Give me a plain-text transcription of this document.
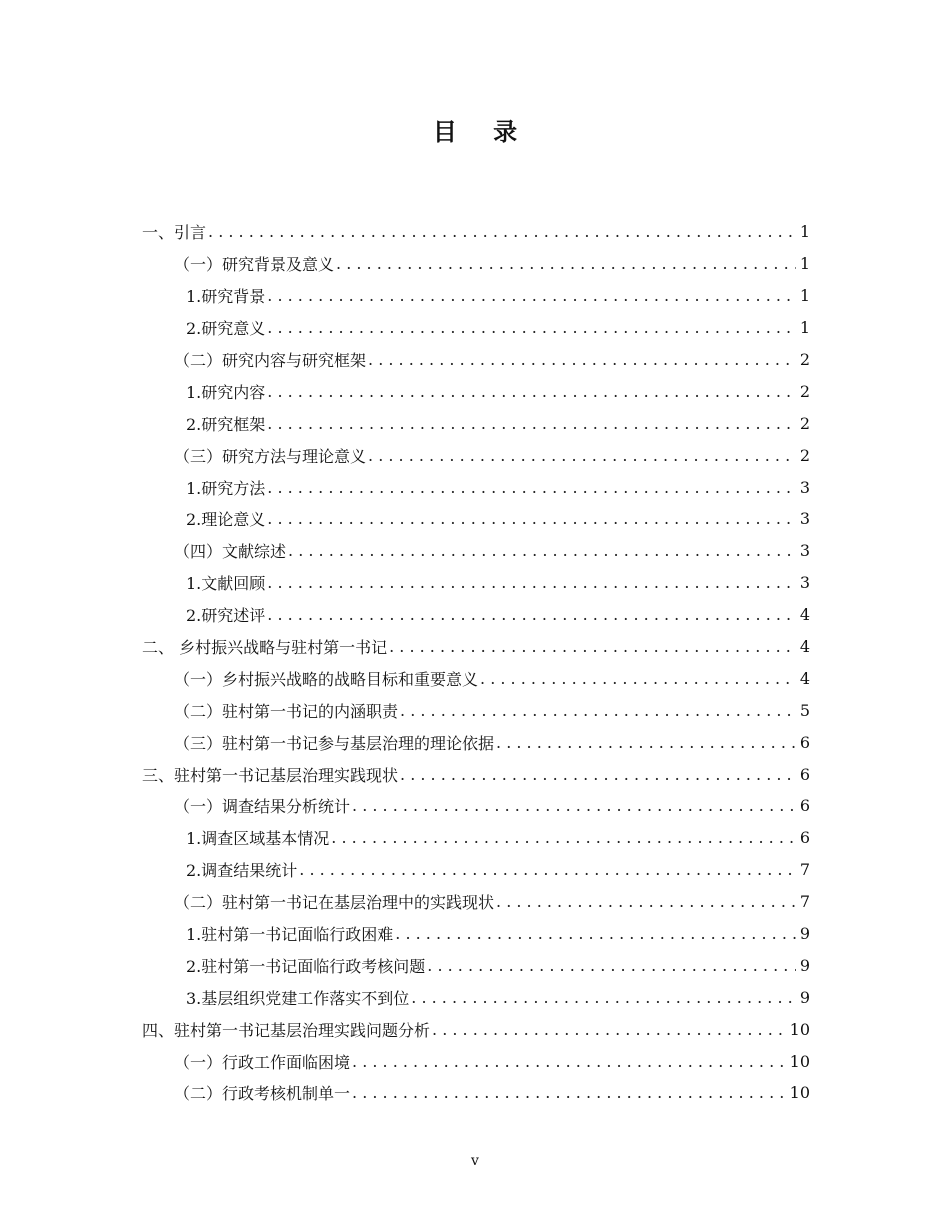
目 录
一、引言 . . .	1
（一）研究背景及意义 . . .	1
1.研究背景 . . .	1
2.研究意义 . . .	1
（二）研究内容与研究框架 . . .	2
1.研究内容 . . .	2
2.研究框架 . . .	2
（三）研究方法与理论意义 . . .	2
1.研究方法 . . .	3
2.理论意义 . . .	3
（四）文献综述 . . .	3
1.文献回顾 . . .	3
2.研究述评 . . .	4
二、 乡村振兴战略与驻村第一书记 . . .	4
（一）乡村振兴战略的战略目标和重要意义 . . .	4
（二）驻村第一书记的内涵职责 . . .	5
（三）驻村第一书记参与基层治理的理论依据 . . .	6
三、驻村第一书记基层治理实践现状 . . .	6
（一）调查结果分析统计 . . .	6
1.调查区域基本情况 . . .	6
2.调查结果统计 . . .	7
（二）驻村第一书记在基层治理中的实践现状 . . .	7
1.驻村第一书记面临行政困难 . . .	9
2.驻村第一书记面临行政考核问题 . . .	9
3.基层组织党建工作落实不到位 . . .	9
四、驻村第一书记基层治理实践问题分析 . . .	10
（一）行政工作面临困境 . . .	10
（二）行政考核机制单一 . . .	10

v
